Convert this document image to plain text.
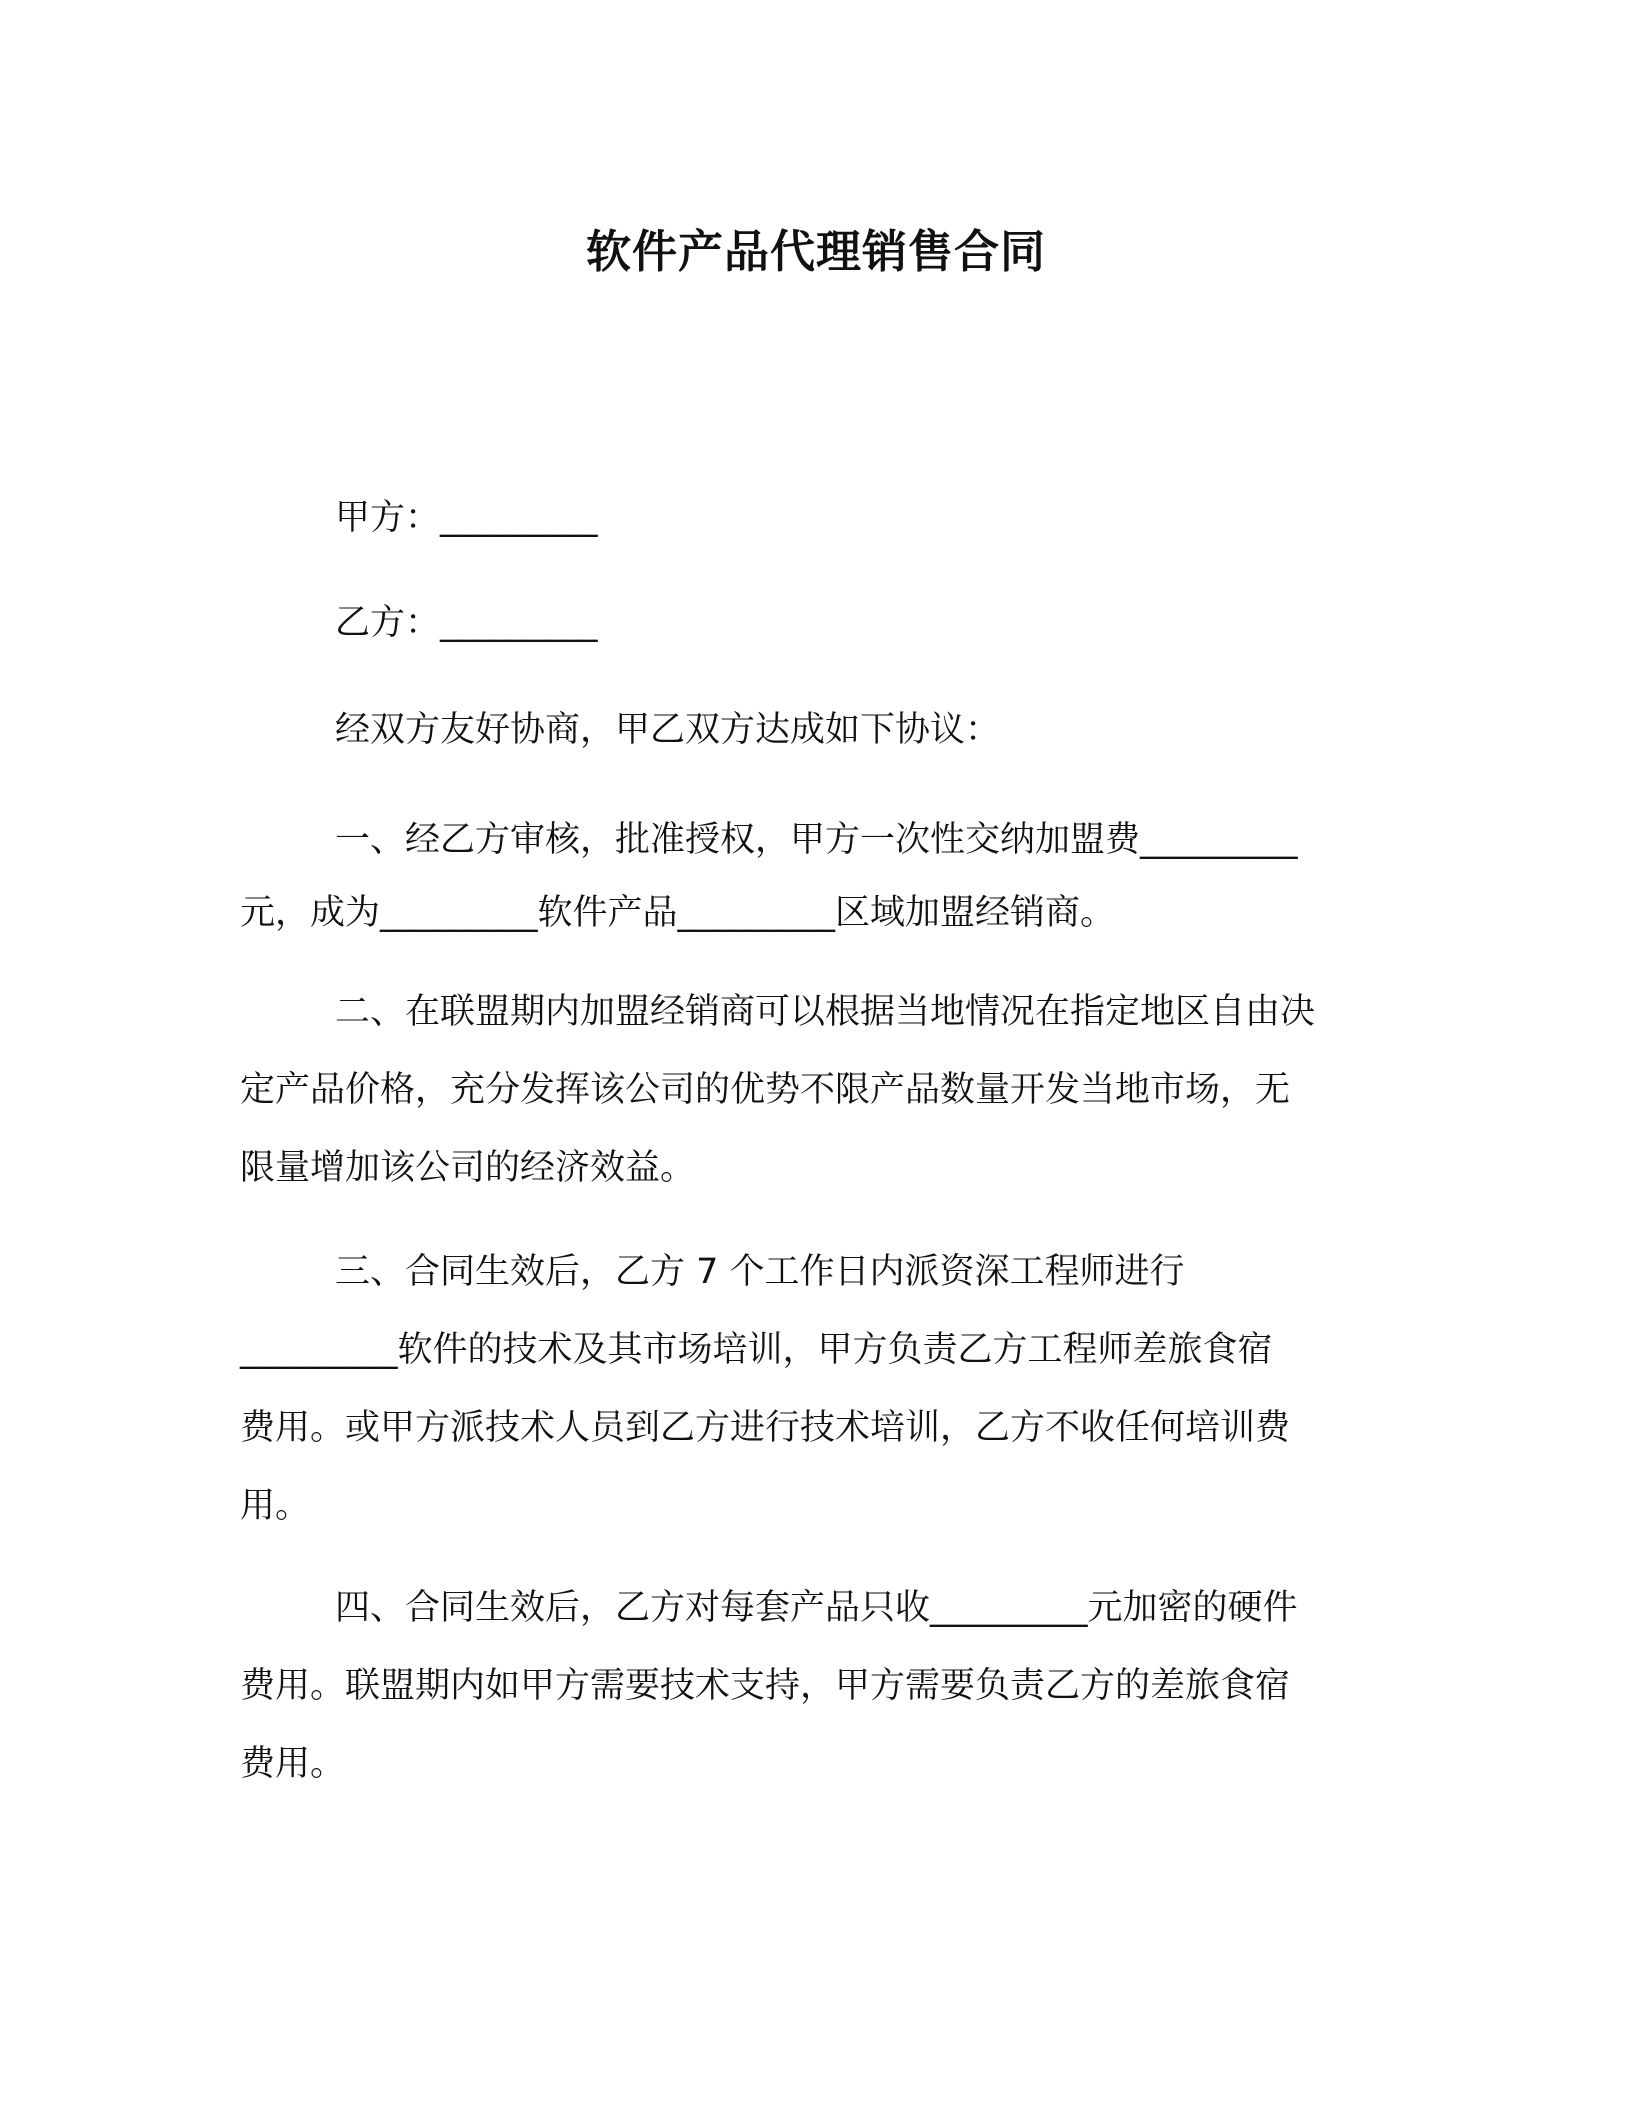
软件产品代理销售合同
甲方：_________
乙方：_________
经双方友好协商，甲乙双方达成如下协议：
一、经乙方审核，批准授权，甲方一次性交纳加盟费_________
元，成为_________软件产品_________区域加盟经销商。
二、在联盟期内加盟经销商可以根据当地情况在指定地区自由决
定产品价格，充分发挥该公司的优势不限产品数量开发当地市场，无
限量增加该公司的经济效益。
三、合同生效后，乙方 7 个工作日内派资深工程师进行
_________软件的技术及其市场培训，甲方负责乙方工程师差旅食宿
费用。或甲方派技术人员到乙方进行技术培训，乙方不收任何培训费
用。
四、合同生效后，乙方对每套产品只收_________元加密的硬件
费用。联盟期内如甲方需要技术支持，甲方需要负责乙方的差旅食宿
费用。
